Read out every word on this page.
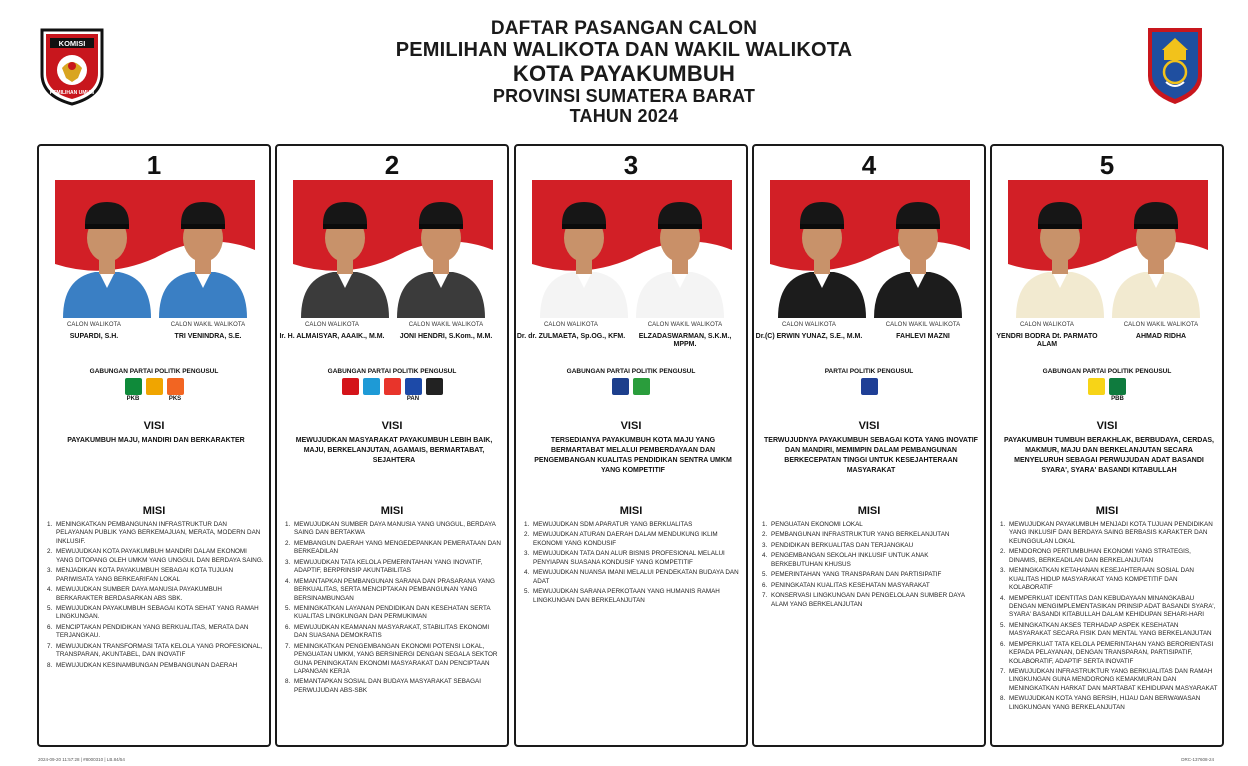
DAFTAR PASANGAN CALON
PEMILIHAN WALIKOTA DAN WAKIL WALIKOTA
KOTA PAYAKUMBUH
PROVINSI SUMATERA BARAT
TAHUN 2024
KOMISI
PEMILIHAN UMUM
1
CALON WALIKOTA	CALON WAKIL WALIKOTA
SUPARDI, S.H.	TRI VENINDRA, S.E.
GABUNGAN PARTAI POLITIK PENGUSUL
PKB	PKS
VISI
PAYAKUMBUH MAJU, MANDIRI DAN BERKARAKTER
MISI
1. MENINGKATKAN PEMBANGUNAN INFRASTRUKTUR DAN PELAYANAN PUBLIK YANG BERKEMAJUAN, MERATA, MODERN DAN INKLUSIF.
2. MEWUJUDKAN KOTA PAYAKUMBUH MANDIRI DALAM EKONOMI YANG DITOPANG OLEH UMKM YANG UNGGUL DAN BERDAYA SAING.
3. MENJADIKAN KOTA PAYAKUMBUH SEBAGAI KOTA TUJUAN PARIWISATA YANG BERKEARIFAN LOKAL
4. MEWUJUDKAN SUMBER DAYA MANUSIA PAYAKUMBUH BERKARAKTER BERDASARKAN ABS SBK.
5. MEWUJUDKAN PAYAKUMBUH SEBAGAI KOTA SEHAT YANG RAMAH LINGKUNGAN.
6. MENCIPTAKAN PENDIDIKAN YANG BERKUALITAS, MERATA DAN TERJANGKAU.
7. MEWUJUDKAN TRANSFORMASI TATA KELOLA YANG PROFESIONAL, TRANSPARAN, AKUNTABEL, DAN INOVATIF
8. MEWUJUDKAN KESINAMBUNGAN PEMBANGUNAN DAERAH
2
CALON WALIKOTA	CALON WAKIL WALIKOTA
Ir. H. ALMAISYAR, AAAIK., M.M.	JONI HENDRI, S.Kom., M.M.
GABUNGAN PARTAI POLITIK PENGUSUL
PAN
VISI
MEWUJUDKAN MASYARAKAT PAYAKUMBUH LEBIH BAIK, MAJU, BERKELANJUTAN, AGAMAIS, BERMARTABAT, SEJAHTERA
MISI
1. MEWUJUDKAN SUMBER DAYA MANUSIA YANG UNGGUL, BERDAYA SAING DAN BERTAKWA
2. MEMBANGUN DAERAH YANG MENGEDEPANKAN PEMERATAAN DAN BERKEADILAN
3. MEWUJUDKAN TATA KELOLA PEMERINTAHAN YANG INOVATIF, ADAPTIF, BERPRINSIP AKUNTABILITAS
4. MEMANTAPKAN PEMBANGUNAN SARANA DAN PRASARANA YANG BERKUALITAS, SERTA MENCIPTAKAN PEMBANGUNAN YANG BERSINAMBUNGAN
5. MENINGKATKAN LAYANAN PENDIDIKAN DAN KESEHATAN SERTA KUALITAS LINGKUNGAN DAN PERMUKIMAN
6. MEWUJUDKAN KEAMANAN MASYARAKAT, STABILITAS EKONOMI DAN SUASANA DEMOKRATIS
7. MENINGKATKAN PENGEMBANGAN EKONOMI POTENSI LOKAL, PENGUATAN UMKM, YANG BERSINERGI DENGAN SEGALA SEKTOR GUNA PENINGKATAN EKONOMI MASYARAKAT DAN PENCIPTAAN LAPANGAN KERJA
8. MEMANTAPKAN SOSIAL DAN BUDAYA MASYARAKAT SEBAGAI PERWUJUDAN ABS-SBK
3
CALON WALIKOTA	CALON WAKIL WALIKOTA
Dr. dr. ZULMAETA, Sp.OG., KFM.	ELZADASWARMAN, S.K.M., MPPM.
GABUNGAN PARTAI POLITIK PENGUSUL
VISI
TERSEDIANYA PAYAKUMBUH KOTA MAJU YANG BERMARTABAT MELALUI PEMBERDAYAAN DAN PENGEMBANGAN KUALITAS PENDIDIKAN SENTRA UMKM YANG KOMPETITIF
MISI
1. MEWUJUDKAN SDM APARATUR YANG BERKUALITAS
2. MEWUJUDKAN ATURAN DAERAH DALAM MENDUKUNG IKLIM EKONOMI YANG KONDUSIF
3. MEWUJUDKAN TATA DAN ALUR BISNIS PROFESIONAL MELALUI PENYIAPAN SUASANA KONDUSIF YANG KOMPETITIF
4. MEWUJUDKAN NUANSA IMANI MELALUI PENDEKATAN BUDAYA DAN ADAT
5. MEWUJUDKAN SARANA PERKOTAAN YANG HUMANIS RAMAH LINGKUNGAN DAN BERKELANJUTAN
4
CALON WALIKOTA	CALON WAKIL WALIKOTA
Dr.(C) ERWIN YUNAZ, S.E., M.M.	FAHLEVI MAZNI
PARTAI POLITIK PENGUSUL
VISI
TERWUJUDNYA PAYAKUMBUH SEBAGAI KOTA YANG INOVATIF DAN MANDIRI, MEMIMPIN DALAM PEMBANGUNAN BERKECEPATAN TINGGI UNTUK KESEJAHTERAAN MASYARAKAT
MISI
1. PENGUATAN EKONOMI LOKAL
2. PEMBANGUNAN INFRASTRUKTUR YANG BERKELANJUTAN
3. PENDIDIKAN BERKUALITAS DAN TERJANGKAU
4. PENGEMBANGAN SEKOLAH INKLUSIF UNTUK ANAK BERKEBUTUHAN KHUSUS
5. PEMERINTAHAN YANG TRANSPARAN DAN PARTISIPATIF
6. PENINGKATAN KUALITAS KESEHATAN MASYARAKAT
7. KONSERVASI LINGKUNGAN DAN PENGELOLAAN SUMBER DAYA ALAM YANG BERKELANJUTAN
5
CALON WALIKOTA	CALON WAKIL WALIKOTA
YENDRI BODRA Dt. PARMATO ALAM
AHMAD RIDHA
GABUNGAN PARTAI POLITIK PENGUSUL
PBB
VISI
PAYAKUMBUH TUMBUH BERAKHLAK, BERBUDAYA, CERDAS, MAKMUR, MAJU DAN BERKELANJUTAN SECARA MENYELURUH SEBAGAI PERWUJUDAN ADAT BASANDI SYARA', SYARA' BASANDI KITABULLAH
MISI
1. MEWUJUDKAN PAYAKUMBUH MENJADI KOTA TUJUAN PENDIDIKAN YANG INKLUSIF DAN BERDAYA SAING BERBASIS KARAKTER DAN KEUNGGULAN LOKAL
2. MENDORONG PERTUMBUHAN EKONOMI YANG STRATEGIS, DINAMIS, BERKEADILAN DAN BERKELANJUTAN
3. MENINGKATKAN KETAHANAN KESEJAHTERAAN SOSIAL DAN KUALITAS HIDUP MASYARAKAT YANG KOMPETITIF DAN KOLABORATIF
4. MEMPERKUAT IDENTITAS DAN KEBUDAYAAN MINANGKABAU DENGAN MENGIMPLEMENTASIKAN PRINSIP ADAT BASANDI SYARA', SYARA' BASANDI KITABULLAH DALAM KEHIDUPAN SEHARI-HARI
5. MENINGKATKAN AKSES TERHADAP ASPEK KESEHATAN MASYARAKAT SECARA FISIK DAN MENTAL YANG BERKELANJUTAN
6. MEMPERKUAT TATA KELOLA PEMERINTAHAN YANG BERORIENTASI KEPADA PELAYANAN, DENGAN TRANSPARAN, PARTISIPATIF, KOLABORATIF, ADAPTIF SERTA INOVATIF
7. MEWUJUDKAN INFRASTRUKTUR YANG BERKUALITAS DAN RAMAH LINGKUNGAN GUNA MENDORONG KEMAKMURAN DAN MENINGKATKAN HARKAT DAN MARTABAT KEHIDUPAN MASYARAKAT
8. MEWUJUDKAN KOTA YANG BERSIH, HIJAU DAN BERWAWASAN LINGKUNGAN YANG BERKELANJUTAN
2024-09-20 11:57:28 | #8000310 | LB.84/54	DRC-137608-24
